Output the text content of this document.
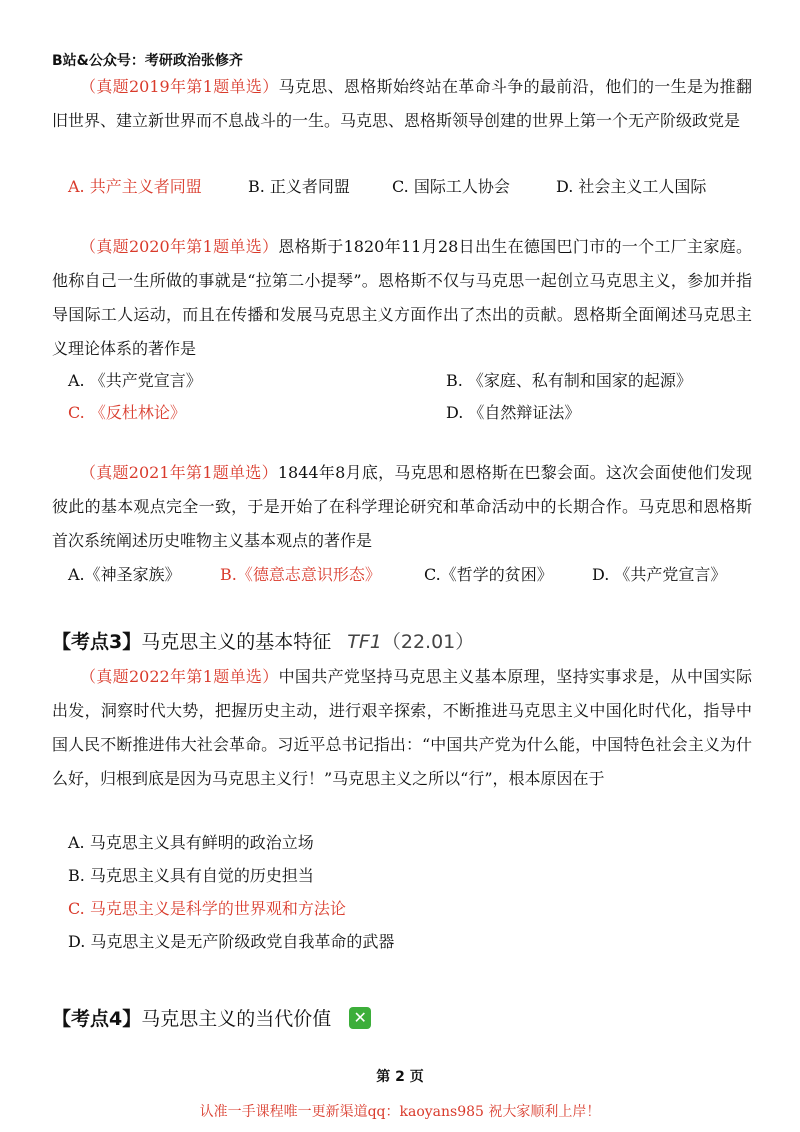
B站&公众号：考研政治张修齐
（真题2019年第1题单选）马克思、恩格斯始终站在革命斗争的最前沿，他们的一生是为推翻旧世界、建立新世界而不息战斗的一生。马克思、恩格斯领导创建的世界上第一个无产阶级政党是
A. 共产主义者同盟	B. 正义者同盟	C. 国际工人协会	D. 社会主义工人国际
（真题2020年第1题单选）恩格斯于1820年11月28日出生在德国巴门市的一个工厂主家庭。他称自己一生所做的事就是“拉第二小提琴”。恩格斯不仅与马克思一起创立马克思主义，参加并指导国际工人运动，而且在传播和发展马克思主义方面作出了杰出的贡献。恩格斯全面阐述马克思主义理论体系的著作是
A. 《共产党宣言》	B. 《家庭、私有制和国家的起源》
C. 《反杜林论》	D. 《自然辩证法》
（真题2021年第1题单选）1844年8月底，马克思和恩格斯在巴黎会面。这次会面使他们发现彼此的基本观点完全一致，于是开始了在科学理论研究和革命活动中的长期合作。马克思和恩格斯首次系统阐述历史唯物主义基本观点的著作是
A.《神圣家族》 B.《德意志意识形态》	C.《哲学的贫困》 D. 《共产党宣言》
【考点3】马克思主义的基本特征 TF1（22.01）
（真题2022年第1题单选）中国共产党坚持马克思主义基本原理，坚持实事求是，从中国实际出发，洞察时代大势，把握历史主动，进行艰辛探索，不断推进马克思主义中国化时代化，指导中国人民不断推进伟大社会革命。习近平总书记指出：“中国共产党为什么能，中国特色社会主义为什么好，归根到底是因为马克思主义行！”马克思主义之所以“行”，根本原因在于
A. 马克思主义具有鲜明的政治立场
B. 马克思主义具有自觉的历史担当
C. 马克思主义是科学的世界观和方法论
D. 马克思主义是无产阶级政党自我革命的武器
【考点4】马克思主义的当代价值 ✕
第 2 页
认准一手课程唯一更新渠道qq：kaoyans985 祝大家顺利上岸！
